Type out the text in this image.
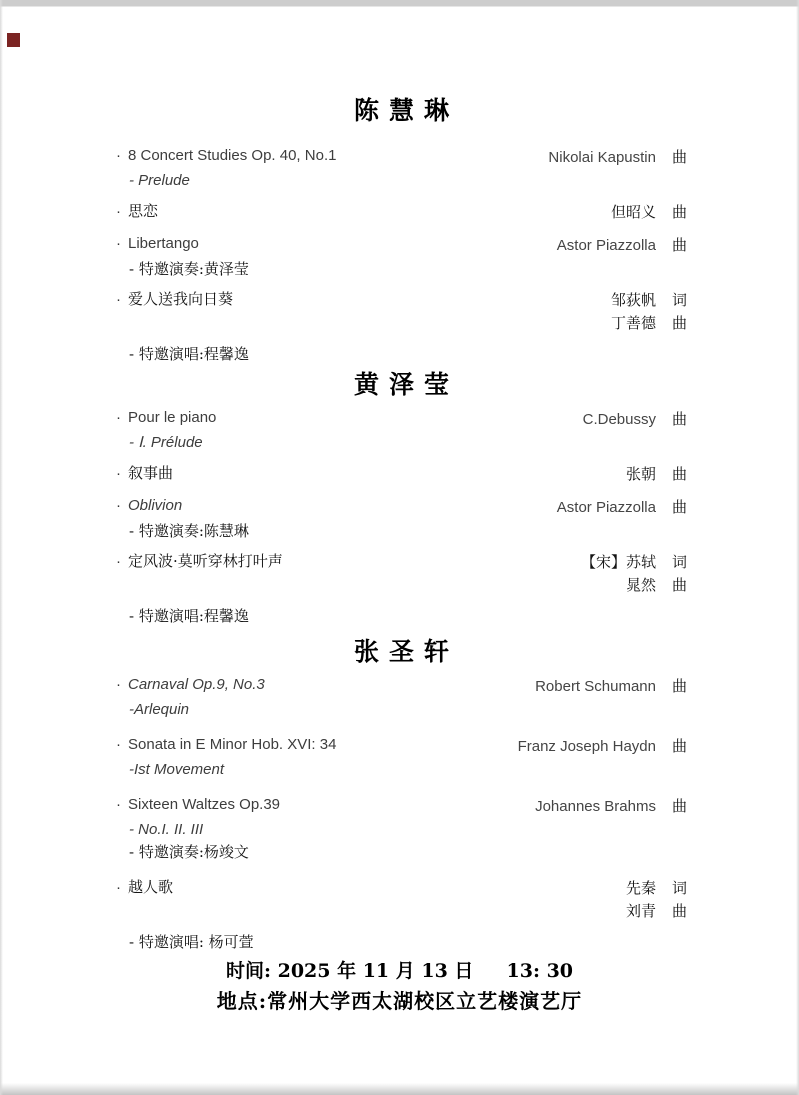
陈慧琳
· 8 Concert Studies Op. 40, No.1	Nikolai Kapustin 曲
- Prelude
· 思恋	但昭义 曲
· Libertango	Astor Piazzolla 曲
- 特邀演奏:黄泽莹
· 爱人送我向日葵	邹荻帆 词
丁善德 曲
- 特邀演唱:程馨逸
黄泽莹
· Pour le piano	C.Debussy 曲
- Ⅰ. Prélude
· 叙事曲	张朝 曲
· Oblivion	Astor Piazzolla 曲
- 特邀演奏:陈慧琳
· 定风波·莫听穿林打叶声	【宋】苏轼 词
晁然 曲
- 特邀演唱:程馨逸
张圣轩
· Carnaval Op.9, No.3	Robert Schumann 曲
-Arlequin
· Sonata in E Minor Hob. XVI: 34	Franz Joseph Haydn 曲
-Ist Movement
· Sixteen Waltzes Op.39	Johannes Brahms 曲
- No.I. II. III
- 特邀演奏:杨竣文
· 越人歌	先秦 词
刘青 曲
- 特邀演唱: 杨可萱
时间: 2025 年 11 月 13 日     13: 30
地点:常州大学西太湖校区立艺楼演艺厅
